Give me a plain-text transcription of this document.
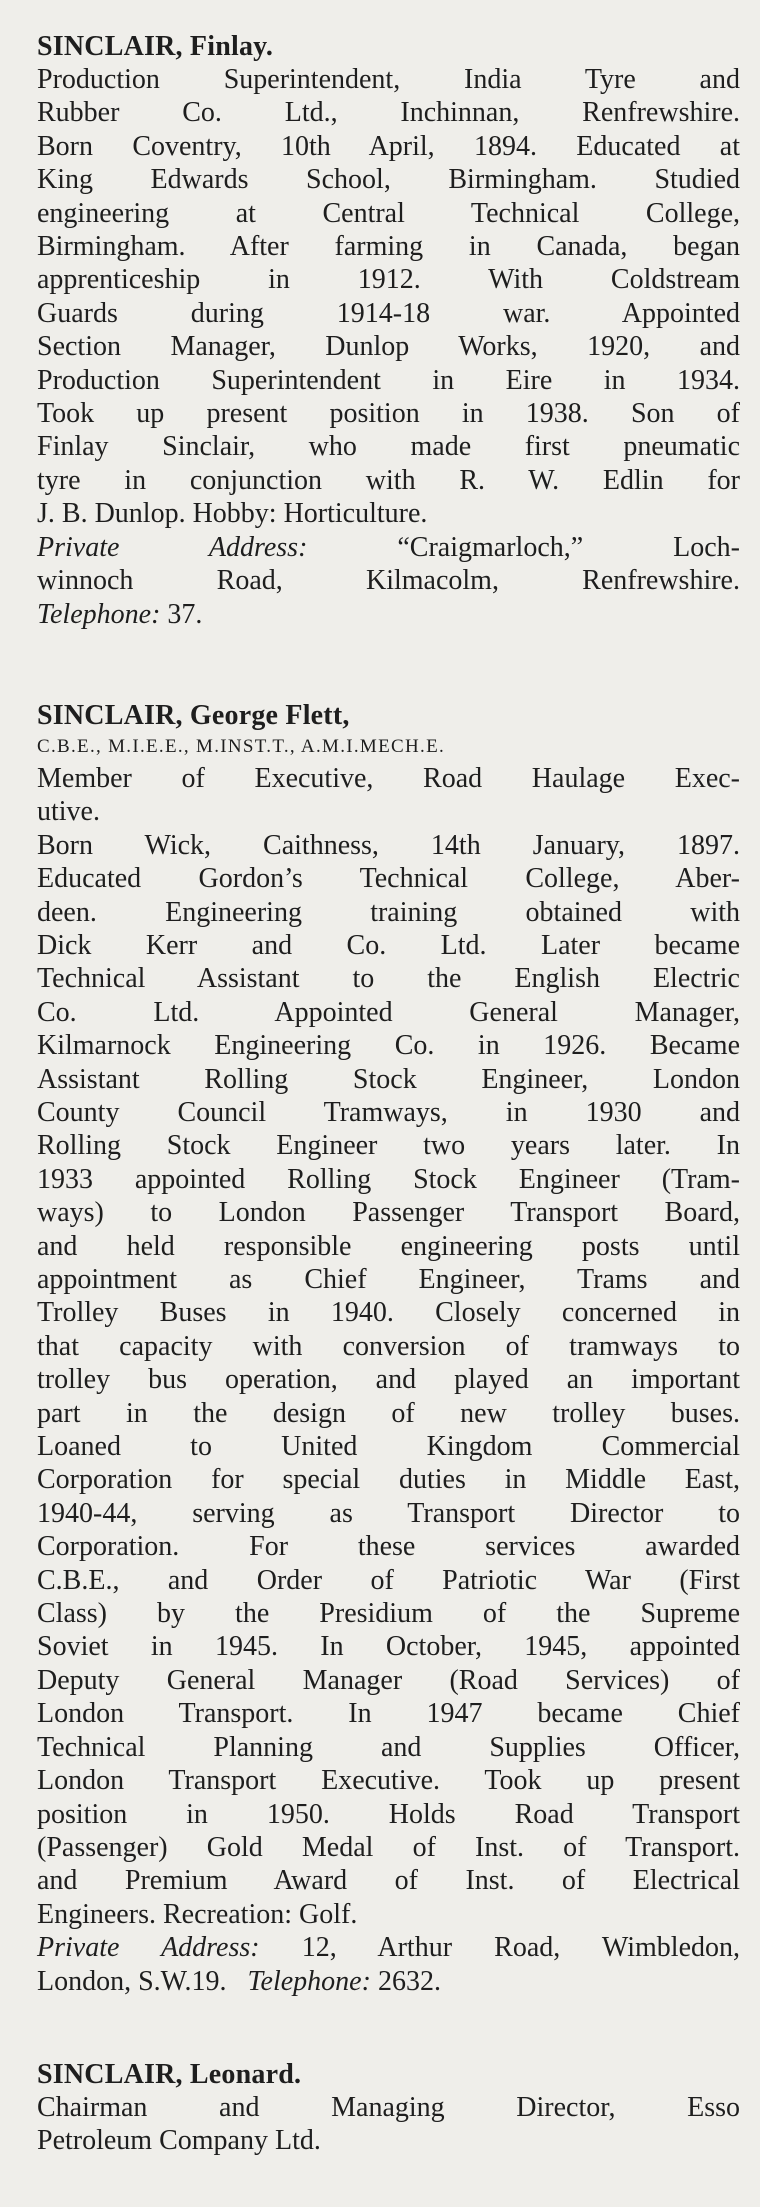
SINCLAIR, Finlay.
Production Superintendent, India Tyre and
Rubber Co. Ltd., Inchinnan, Renfrewshire.
Born Coventry, 10th April, 1894. Educated at
King Edwards School, Birmingham. Studied
engineering at Central Technical College,
Birmingham. After farming in Canada, began
apprenticeship in 1912. With Coldstream
Guards during 1914-18 war. Appointed
Section Manager, Dunlop Works, 1920, and
Production Superintendent in Eire in 1934.
Took up present position in 1938. Son of
Finlay Sinclair, who made first pneumatic
tyre in conjunction with R. W. Edlin for
J. B. Dunlop. Hobby: Horticulture.
Private Address:	“Craigmarloch,” Loch-
winnoch Road, Kilmacolm, Renfrewshire.
Telephone: 37.
SINCLAIR, George Flett,
C.B.E., M.I.E.E., M.INST.T., A.M.I.MECH.E.
Member of Executive, Road Haulage Exec-
utive.
Born Wick, Caithness, 14th January, 1897.
Educated Gordon’s Technical College, Aber-
deen. Engineering training obtained with
Dick Kerr and Co. Ltd. Later became
Technical Assistant to the English Electric
Co. Ltd. Appointed General Manager,
Kilmarnock Engineering Co. in 1926. Became
Assistant Rolling Stock Engineer, London
County Council Tramways, in 1930 and
Rolling Stock Engineer two years later. In
1933 appointed Rolling Stock Engineer (Tram-
ways) to London Passenger Transport Board,
and held responsible engineering posts until
appointment as Chief Engineer, Trams and
Trolley Buses in 1940. Closely concerned in
that capacity with conversion of tramways to
trolley bus operation, and played an important
part in the design of new trolley buses.
Loaned to United Kingdom Commercial
Corporation for special duties in Middle East,
1940-44, serving as Transport Director to
Corporation. For these services awarded
C.B.E., and Order of Patriotic War (First
Class) by the Presidium of the Supreme
Soviet in 1945. In October, 1945, appointed
Deputy General Manager (Road Services) of
London Transport. In 1947 became Chief
Technical Planning and Supplies Officer,
London Transport Executive. Took up present
position in 1950. Holds Road Transport
(Passenger) Gold Medal of Inst. of Transport.
and Premium Award of Inst. of Electrical
Engineers. Recreation: Golf.
Private Address: 12, Arthur Road, Wimbledon,
London, S.W.19. Telephone: 2632.
SINCLAIR, Leonard.
Chairman and Managing Director, Esso
Petroleum Company Ltd.
